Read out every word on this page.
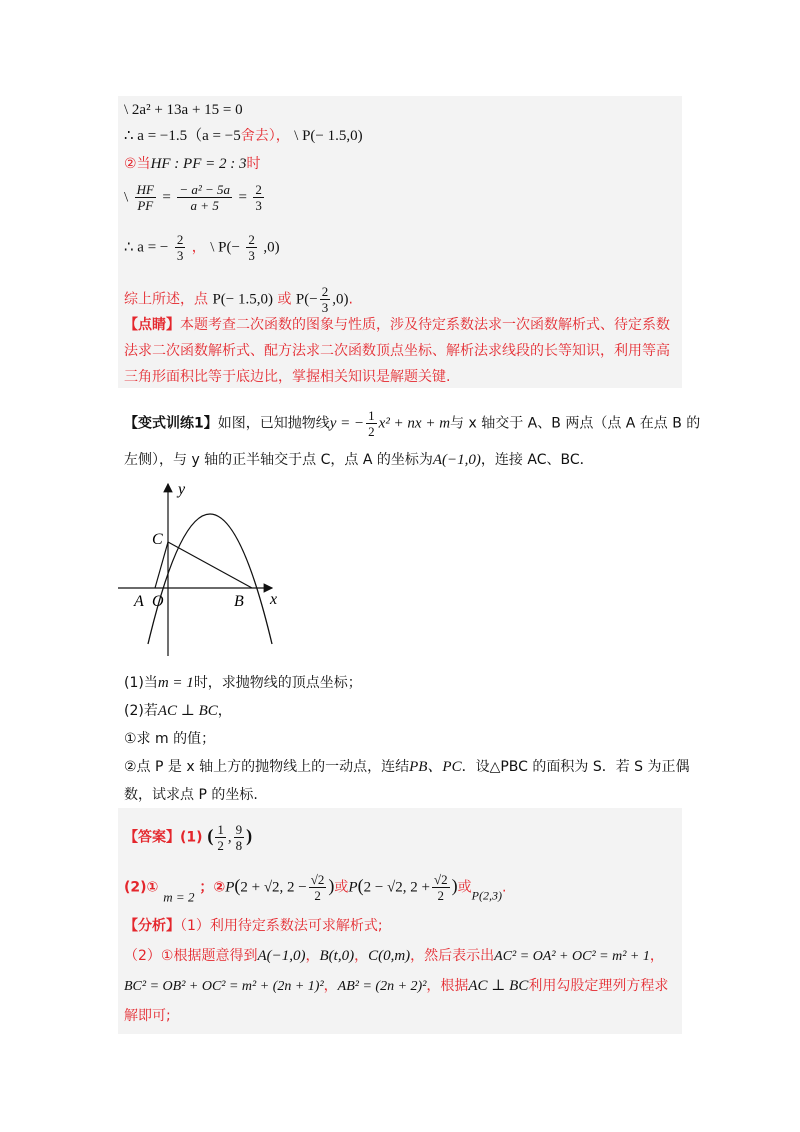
\ 2a² + 13a + 15 = 0
∴ a = −1.5（a = −5舍去）， \ P(− 1.5,0)
②当HF : PF = 2 : 3时
\ $\frac{HF}{PF} = \frac{\text{− a² − 5a}}{a + 5} = \frac{2}{3}$
∴ a = − $\frac{2}{3}$ ， \ $P(- \frac{2}{3} ,0)$
综上所述，点 P(− 1.5,0) 或 $P(- \frac{2}{3} ,0)$.
【点睛】本题考查二次函数的图象与性质，涉及待定系数法求一次函数解析式、待定系数法求二次函数解析式、配方法求二次函数顶点坐标、解析法求线段的长等知识，利用等高三角形面积比等于底边比，掌握相关知识是解题关键.
【变式训练1】如图，已知抛物线y = − $\frac{1}{2} x^2$ + nx + m与 x 轴交于 A、B 两点（点 A 在点 B 的
左侧），与 y 轴的正半轴交于点 C，点 A 的坐标为A(−1,0)，连接 AC、BC．
y
x
C
A O	B
(1)当m = 1时，求抛物线的顶点坐标；
(2)若AC ⊥ BC，
①求 m 的值；
②点 P 是 x 轴上方的抛物线上的一动点，连结PB、PC．设△PBC 的面积为 S．若 S 为正偶
数，试求点 P 的坐标.
【答案】(1) ( $\frac{1}{2}$ , $\frac{9}{8}$ )
(2)① m = 2 ；②P(2 + √2, $2 - \frac{√2}{2}$ )或P(2 − √2, $2 + \frac{√2}{2}$ )或P(2,3).
【分析】（1）利用待定系数法可求解析式;
（2）①根据题意得到A(−1,0)，B(t,0)，C(0,m)，然后表示出AC² = OA² + OC² = m² + 1，
BC² = OB² + OC² = m² + (2n + 1)²，AB² = (2n + 2)²，根据AC ⊥ BC利用勾股定理列方程求
解即可;
